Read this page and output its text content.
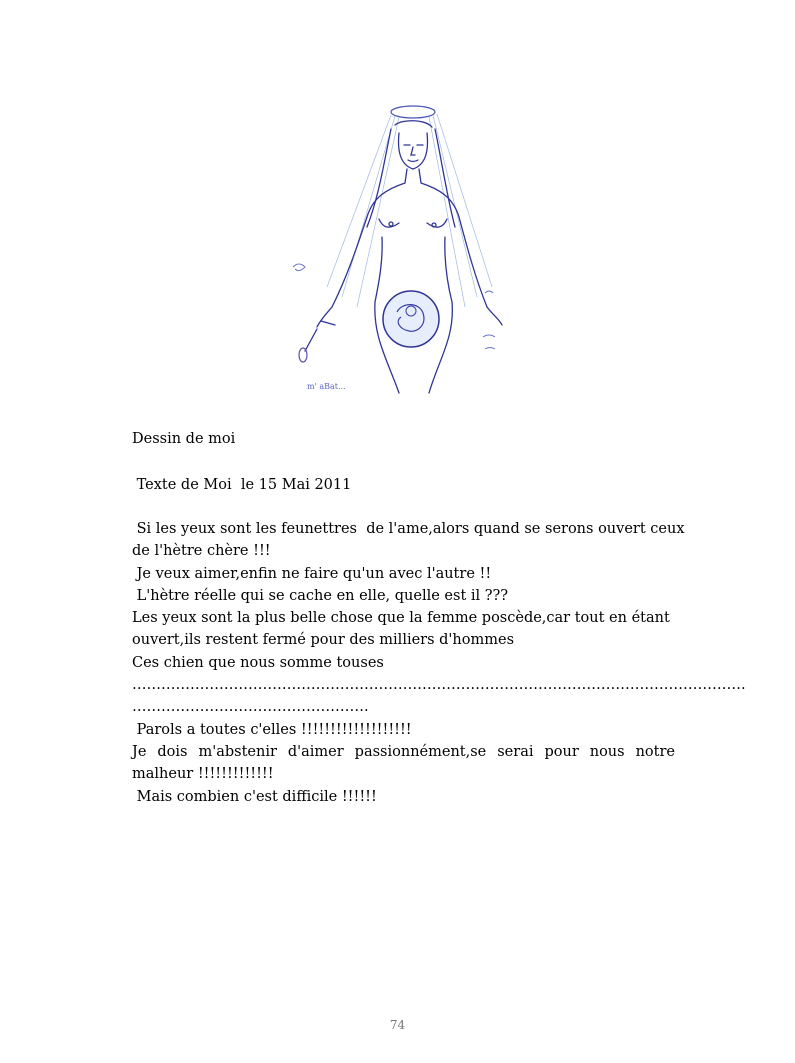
m' aBat...
Dessin de moi
Texte de Moi  le 15 Mai 2011
Si les yeux sont les feunettres  de l'ame,alors quand se serons ouvert ceux
de l'hètre chère !!!
Je veux aimer,enfin ne faire qu'un avec l'autre !!
L'hètre réelle qui se cache en elle, quelle est il ???
Les yeux sont la plus belle chose que la femme poscède,car tout en étant
ouvert,ils restent fermé pour des milliers d'hommes
Ces chien que nous somme touses
……………………………………………………………………………………………………………….
………………………………………….
Parols a toutes c'elles !!!!!!!!!!!!!!!!!!!
Je dois m'abstenir d'aimer passionnément,se serai pour nous notre
malheur !!!!!!!!!!!!!
Mais combien c'est difficile !!!!!!
74
